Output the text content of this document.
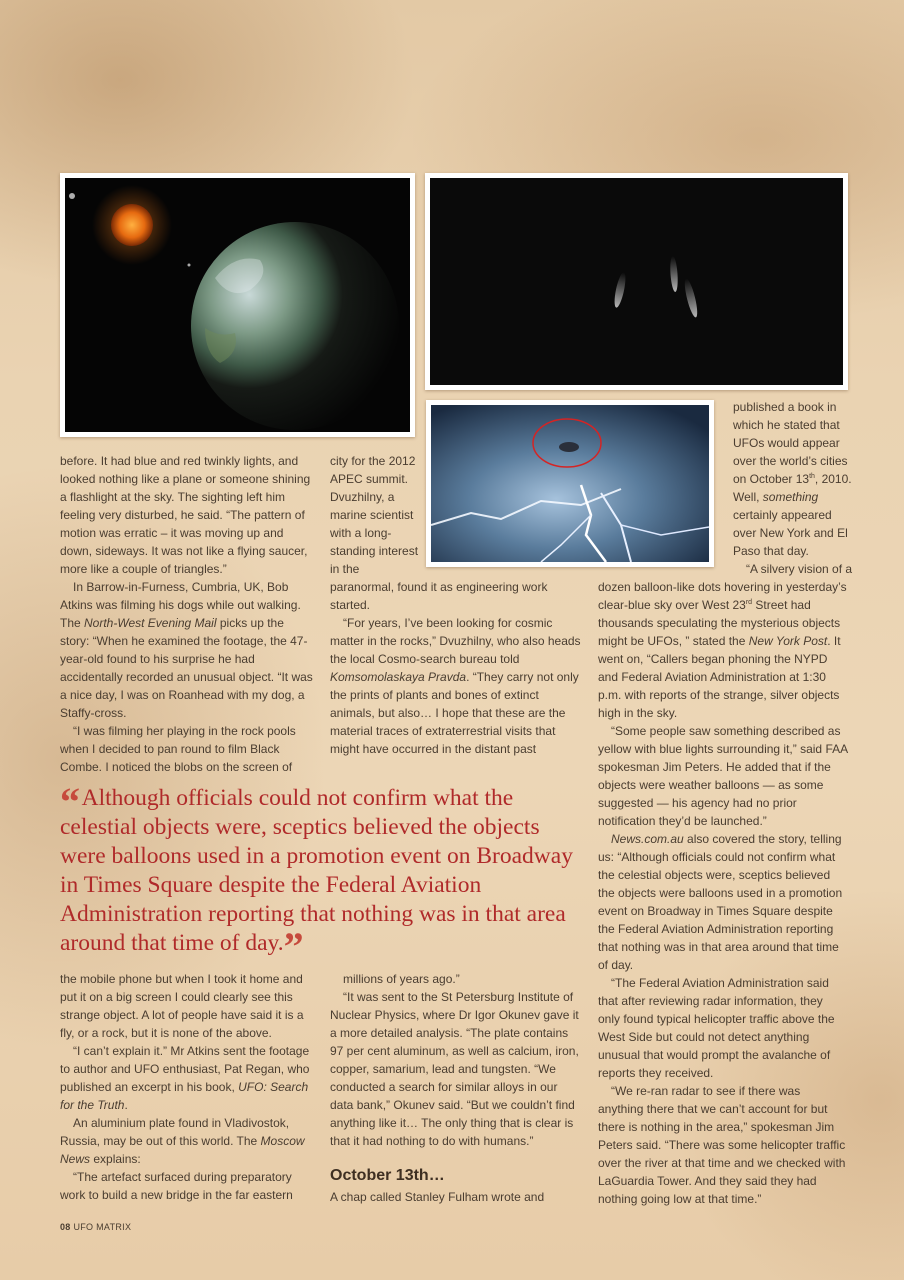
before. It had blue and red twinkly lights, and looked nothing like a plane or someone shining a flashlight at the sky. The sighting left him feeling very disturbed, he said. “The pattern of motion was erratic – it was moving up and down, sideways. It was not like a flying saucer, more like a couple of triangles.”

In Barrow-in-Furness, Cumbria, UK, Bob Atkins was filming his dogs while out walking. The North-West Evening Mail picks up the story: “When he examined the footage, the 47-year-old found to his surprise he had accidentally recorded an unusual object. “It was a nice day, I was on Roanhead with my dog, a Staffy-cross.

“I was filming her playing in the rock pools when I decided to pan round to film Black Combe. I noticed the blobs on the screen of

city for the 2012

APEC summit.

Dvuzhilny, a

marine scientist

with a long-

standing interest

in the

paranormal, found it as engineering work started.

“For years, I’ve been looking for cosmic matter in the rocks,” Dvuzhilny, who also heads the local Cosmo-search bureau told Komsomolaskaya Pravda. “They carry not only the prints of plants and bones of extinct animals, but also… I hope that these are the material traces of extraterrestrial visits that might have occurred in the distant past

published a book in

which he stated that

UFOs would appear

over the world’s cities

on October 13th, 2010.

Well, something

certainly appeared

over New York and El

Paso that day.

“A silvery vision of a

dozen balloon-like dots hovering in yesterday’s clear-blue sky over West 23rd Street had thousands speculating the mysterious objects might be UFOs, ” stated the New York Post. It went on, “Callers began phoning the NYPD and Federal Aviation Administration at 1:30 p.m. with reports of the strange, silver objects high in the sky.

“Some people saw something described as yellow with blue lights surrounding it,” said FAA spokesman Jim Peters. He added that if the objects were weather balloons — as some suggested — his agency had no prior notification they’d be launched.”

News.com.au also covered the story, telling us: “Although officials could not confirm what the celestial objects were, sceptics believed the objects were balloons used in a promotion event on Broadway in Times Square despite the Federal Aviation Administration reporting that nothing was in that area around that time of day.

“The Federal Aviation Administration said that after reviewing radar information, they only found typical helicopter traffic above the West Side but could not detect anything unusual that would prompt the avalanche of reports they received.

“We re-ran radar to see if there was anything there that we can’t account for but there is nothing in the area,” spokesman Jim Peters said. “There was some helicopter traffic over the river at that time and we checked with LaGuardia Tower. And they said they had nothing going low at that time.”

“ Although officials could not confirm what the celestial objects were, sceptics believed the objects were balloons used in a promotion event on Broadway in Times Square despite the Federal Aviation Administration reporting that nothing was in that area around that time of day.”

the mobile phone but when I took it home and put it on a big screen I could clearly see this strange object. A lot of people have said it is a fly, or a rock, but it is none of the above.

“I can’t explain it.” Mr Atkins sent the footage to author and UFO enthusiast, Pat Regan, who published an excerpt in his book, UFO: Search for the Truth.

An aluminium plate found in Vladivostok, Russia, may be out of this world. The Moscow News explains:

“The artefact surfaced during preparatory work to build a new bridge in the far eastern

millions of years ago.”

“It was sent to the St Petersburg Institute of Nuclear Physics, where Dr Igor Okunev gave it a more detailed analysis. “The plate contains 97 per cent aluminum, as well as calcium, iron, copper, samarium, lead and tungsten. “We conducted a search for similar alloys in our data bank,” Okunev said. “But we couldn’t find anything like it… The only thing that is clear is that it had nothing to do with humans.”

October 13th…

A chap called Stanley Fulham wrote and

08 UFO MATRIX
